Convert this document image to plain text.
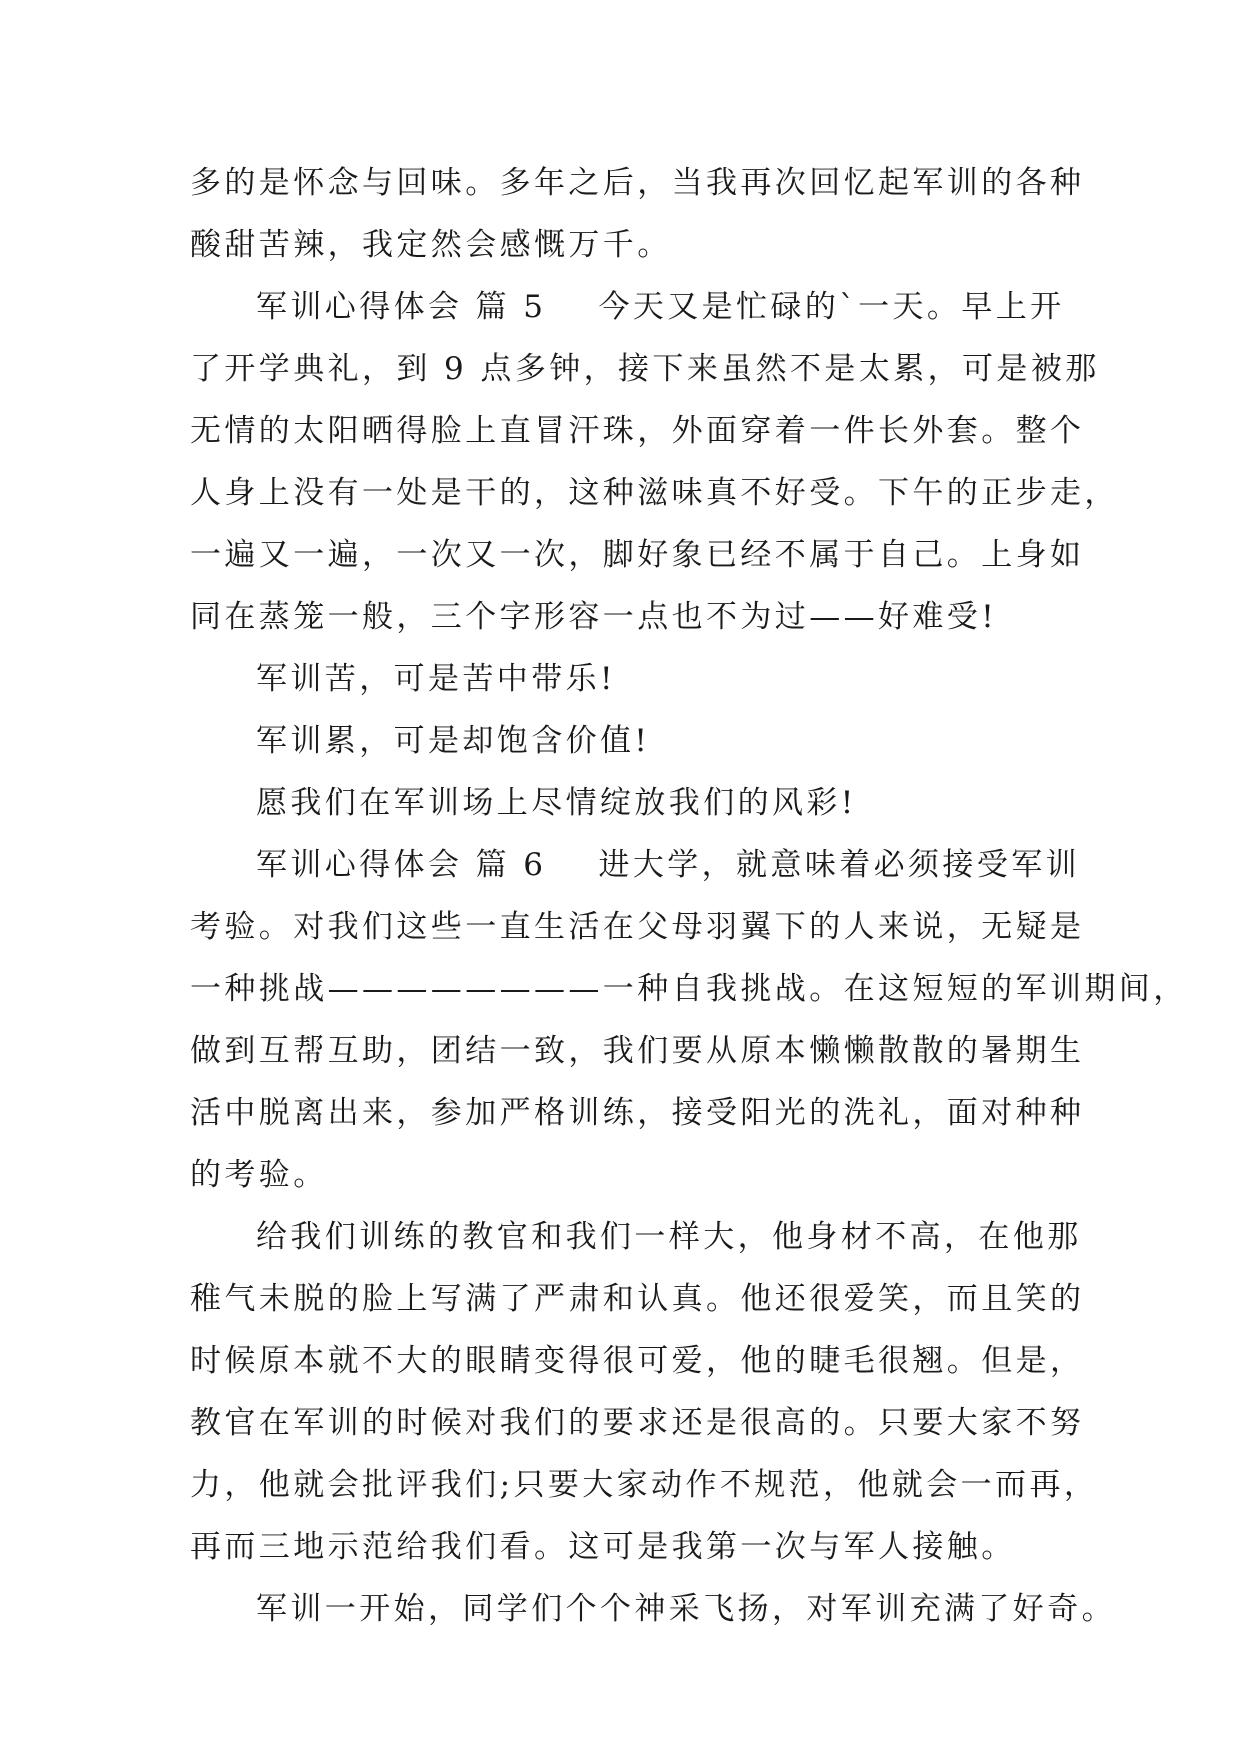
多的是怀念与回味。多年之后，当我再次回忆起军训的各种
酸甜苦辣，我定然会感慨万千。
军训心得体会 篇 5 今天又是忙碌的`一天。早上开
了开学典礼，到 9 点多钟，接下来虽然不是太累，可是被那
无情的太阳晒得脸上直冒汗珠，外面穿着一件长外套。整个
人身上没有一处是干的，这种滋味真不好受。下午的正步走，
一遍又一遍，一次又一次，脚好象已经不属于自己。上身如
同在蒸笼一般，三个字形容一点也不为过——好难受!
军训苦，可是苦中带乐!
军训累，可是却饱含价值!
愿我们在军训场上尽情绽放我们的风彩!
军训心得体会 篇 6 进大学，就意味着必须接受军训
考验。对我们这些一直生活在父母羽翼下的人来说，无疑是
一种挑战————————一种自我挑战。在这短短的军训期间，
做到互帮互助，团结一致，我们要从原本懒懒散散的暑期生
活中脱离出来，参加严格训练，接受阳光的洗礼，面对种种
的考验。
给我们训练的教官和我们一样大，他身材不高，在他那
稚气未脱的脸上写满了严肃和认真。他还很爱笑，而且笑的
时候原本就不大的眼睛变得很可爱，他的睫毛很翘。但是，
教官在军训的时候对我们的要求还是很高的。只要大家不努
力，他就会批评我们;只要大家动作不规范，他就会一而再，
再而三地示范给我们看。这可是我第一次与军人接触。
军训一开始，同学们个个神采飞扬，对军训充满了好奇。
